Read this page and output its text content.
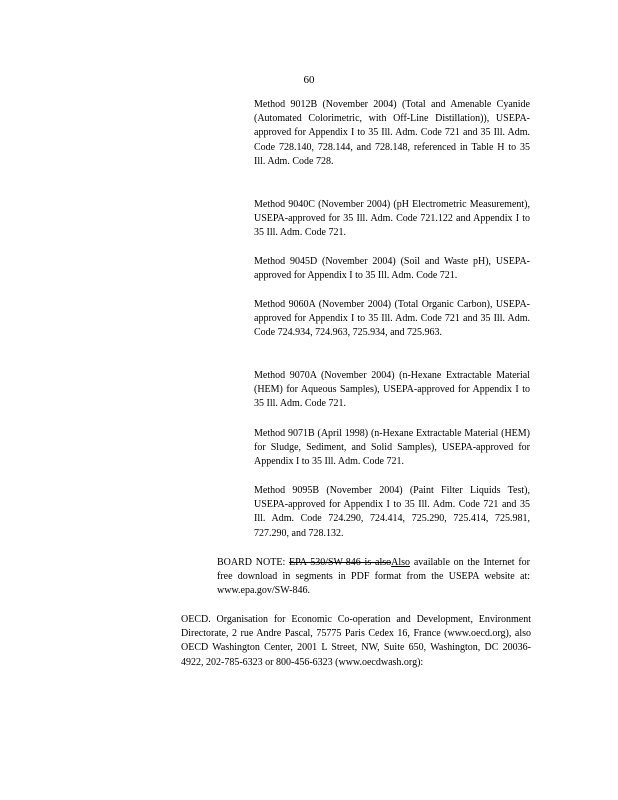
60
Method 9012B (November 2004) (Total and Amenable Cyanide (Automated Colorimetric, with Off-Line Distillation)), USEPA-approved for Appendix I to 35 Ill. Adm. Code 721 and 35 Ill. Adm. Code 728.140, 728.144, and 728.148, referenced in Table H to 35 Ill. Adm. Code 728.
Method 9040C (November 2004) (pH Electrometric Measurement), USEPA-approved for 35 Ill. Adm. Code 721.122 and Appendix I to 35 Ill. Adm. Code 721.
Method 9045D (November 2004) (Soil and Waste pH), USEPA-approved for Appendix I to 35 Ill. Adm. Code 721.
Method 9060A (November 2004) (Total Organic Carbon), USEPA-approved for Appendix I to 35 Ill. Adm. Code 721 and 35 Ill. Adm. Code 724.934, 724.963, 725.934, and 725.963.
Method 9070A (November 2004) (n-Hexane Extractable Material (HEM) for Aqueous Samples), USEPA-approved for Appendix I to 35 Ill. Adm. Code 721.
Method 9071B (April 1998) (n-Hexane Extractable Material (HEM) for Sludge, Sediment, and Solid Samples), USEPA-approved for Appendix I to 35 Ill. Adm. Code 721.
Method 9095B (November 2004) (Paint Filter Liquids Test), USEPA-approved for Appendix I to 35 Ill. Adm. Code 721 and 35 Ill. Adm. Code 724.290, 724.414, 725.290, 725.414, 725.981, 727.290, and 728.132.
BOARD NOTE: EPA 530/SW-846 is alsoAlso available on the Internet for free download in segments in PDF format from the USEPA website at: www.epa.gov/SW-846.
OECD. Organisation for Economic Co-operation and Development, Environment Directorate, 2 rue Andre Pascal, 75775 Paris Cedex 16, France (www.oecd.org), also OECD Washington Center, 2001 L Street, NW, Suite 650, Washington, DC 20036-4922, 202-785-6323 or 800-456-6323 (www.oecdwash.org):
